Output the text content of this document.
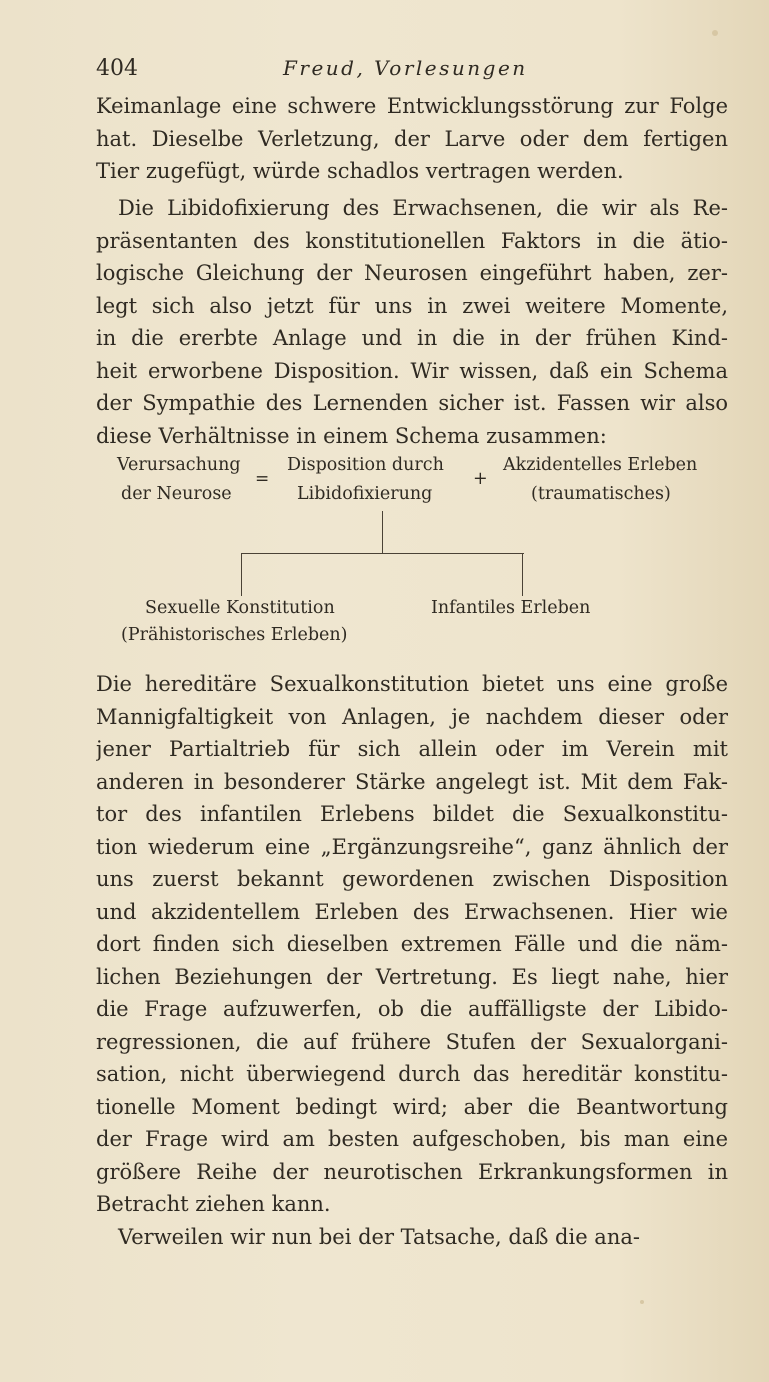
404	Freud, Vorlesungen

Keimanlage eine schwere Entwicklungsstörung zur Folge
hat. Dieselbe Verletzung, der Larve oder dem fertigen
Tier zugefügt, würde schadlos vertragen werden.

Die Libidofixierung des Erwachsenen, die wir als Re-
präsentanten des konstitutionellen Faktors in die ätio-
logische Gleichung der Neurosen eingeführt haben, zer-
legt sich also jetzt für uns in zwei weitere Momente,
in die ererbte Anlage und in die in der frühen Kind-
heit erworbene Disposition. Wir wissen, daß ein Schema
der Sympathie des Lernenden sicher ist. Fassen wir also
diese Verhältnisse in einem Schema zusammen:

Verursachung
der Neurose
=
Disposition durch
Libidofixierung
+
Akzidentelles Erleben
(traumatisches)
Sexuelle Konstitution
(Prähistorisches Erleben)
Infantiles Erleben

Die hereditäre Sexualkonstitution bietet uns eine große
Mannigfaltigkeit von Anlagen, je nachdem dieser oder
jener Partialtrieb für sich allein oder im Verein mit
anderen in besonderer Stärke angelegt ist. Mit dem Fak-
tor des infantilen Erlebens bildet die Sexualkonstitu-
tion wiederum eine „Ergänzungsreihe“, ganz ähnlich der
uns zuerst bekannt gewordenen zwischen Disposition
und akzidentellem Erleben des Erwachsenen. Hier wie
dort finden sich dieselben extremen Fälle und die näm-
lichen Beziehungen der Vertretung. Es liegt nahe, hier
die Frage aufzuwerfen, ob die auffälligste der Libido-
regressionen, die auf frühere Stufen der Sexualorgani-
sation, nicht überwiegend durch das hereditär konstitu-
tionelle Moment bedingt wird; aber die Beantwortung
der Frage wird am besten aufgeschoben, bis man eine
größere Reihe der neurotischen Erkrankungsformen in
Betracht ziehen kann.
Verweilen wir nun bei der Tatsache, daß die ana-
